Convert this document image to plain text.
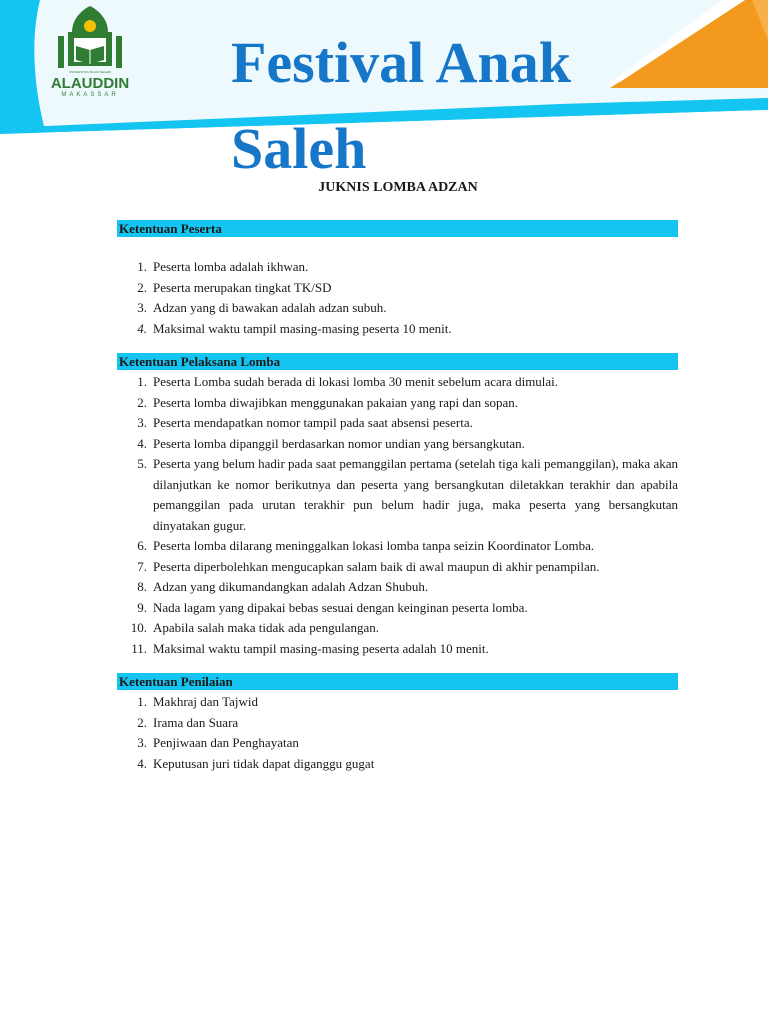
UNIVERSITAS ISLAM NEGERI
ALAUDDIN
MAKASSAR Festival Anak Saleh
JUKNIS LOMBA ADZAN
Ketentuan Peserta
1. Peserta lomba adalah ikhwan.
2. Peserta merupakan tingkat TK/SD
3. Adzan yang di bawakan adalah adzan subuh.
4. Maksimal waktu tampil masing-masing peserta 10 menit.
Ketentuan Pelaksana Lomba
1. Peserta Lomba sudah berada di lokasi lomba 30 menit sebelum acara dimulai.
2. Peserta lomba diwajibkan menggunakan pakaian yang rapi dan sopan.
3. Peserta mendapatkan nomor tampil pada saat absensi peserta.
4. Peserta lomba dipanggil berdasarkan nomor undian yang bersangkutan.
5. Peserta yang belum hadir pada saat pemanggilan pertama (setelah tiga kali pemanggilan), maka akan dilanjutkan ke nomor berikutnya dan peserta yang bersangkutan diletakkan terakhir dan apabila pemanggilan pada urutan terakhir pun belum hadir juga, maka peserta yang bersangkutan dinyatakan gugur.
6. Peserta lomba dilarang meninggalkan lokasi lomba tanpa seizin Koordinator Lomba.
7. Peserta diperbolehkan mengucapkan salam baik di awal maupun di akhir penampilan.
8. Adzan yang dikumandangkan adalah Adzan Shubuh.
9. Nada lagam yang dipakai bebas sesuai dengan keinginan peserta lomba.
10. Apabila salah maka tidak ada pengulangan.
11. Maksimal waktu tampil masing-masing peserta adalah 10 menit.
Ketentuan Penilaian
1. Makhraj dan Tajwid
2. Irama dan Suara
3. Penjiwaan dan Penghayatan
4. Keputusan juri tidak dapat diganggu gugat
